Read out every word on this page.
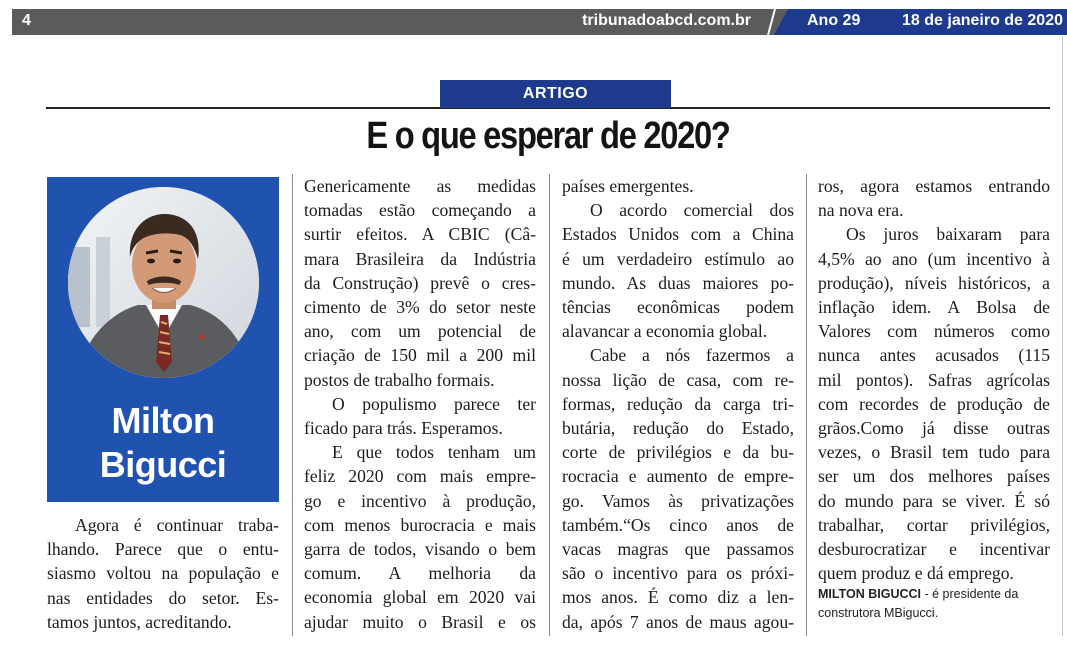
4	tribunadoabcd.com.br	Ano 29	18 de janeiro de 2020
ARTIGO
E o que esperar de 2020?
Milton
Bigucci
Agora é continuar traba-
lhando. Parece que o entu-
siasmo voltou na população e
nas entidades do setor. Es-
tamos juntos, acreditando.
Genericamente as medidas
tomadas estão começando a
surtir efeitos. A CBIC (Câ-
mara Brasileira da Indústria
da Construção) prevê o cres-
cimento de 3% do setor neste
ano, com um potencial de
criação de 150 mil a 200 mil
postos de trabalho formais.
O populismo parece ter
ficado para trás. Esperamos.
E que todos tenham um
feliz 2020 com mais empre-
go e incentivo à produção,
com menos burocracia e mais
garra de todos, visando o bem
comum. A melhoria da
economia global em 2020 vai
ajudar muito o Brasil e os
países emergentes.
O acordo comercial dos
Estados Unidos com a China
é um verdadeiro estímulo ao
mundo. As duas maiores po-
tências econômicas podem
alavancar a economia global.
Cabe a nós fazermos a
nossa lição de casa, com re-
formas, redução da carga tri-
butária, redução do Estado,
corte de privilégios e da bu-
rocracia e aumento de empre-
go. Vamos às privatizações
também.“Os cinco anos de
vacas magras que passamos
são o incentivo para os próxi-
mos anos. É como diz a len-
da, após 7 anos de maus agou-
ros, agora estamos entrando
na nova era.
Os juros baixaram para
4,5% ao ano (um incentivo à
produção), níveis históricos, a
inflação idem. A Bolsa de
Valores com números como
nunca antes acusados (115
mil pontos). Safras agrícolas
com recordes de produção de
grãos.Como já disse outras
vezes, o Brasil tem tudo para
ser um dos melhores países
do mundo para se viver. É só
trabalhar, cortar privilégios,
desburocratizar e incentivar
quem produz e dá emprego.
MILTON BIGUCCI - é presidente da
construtora MBigucci.
